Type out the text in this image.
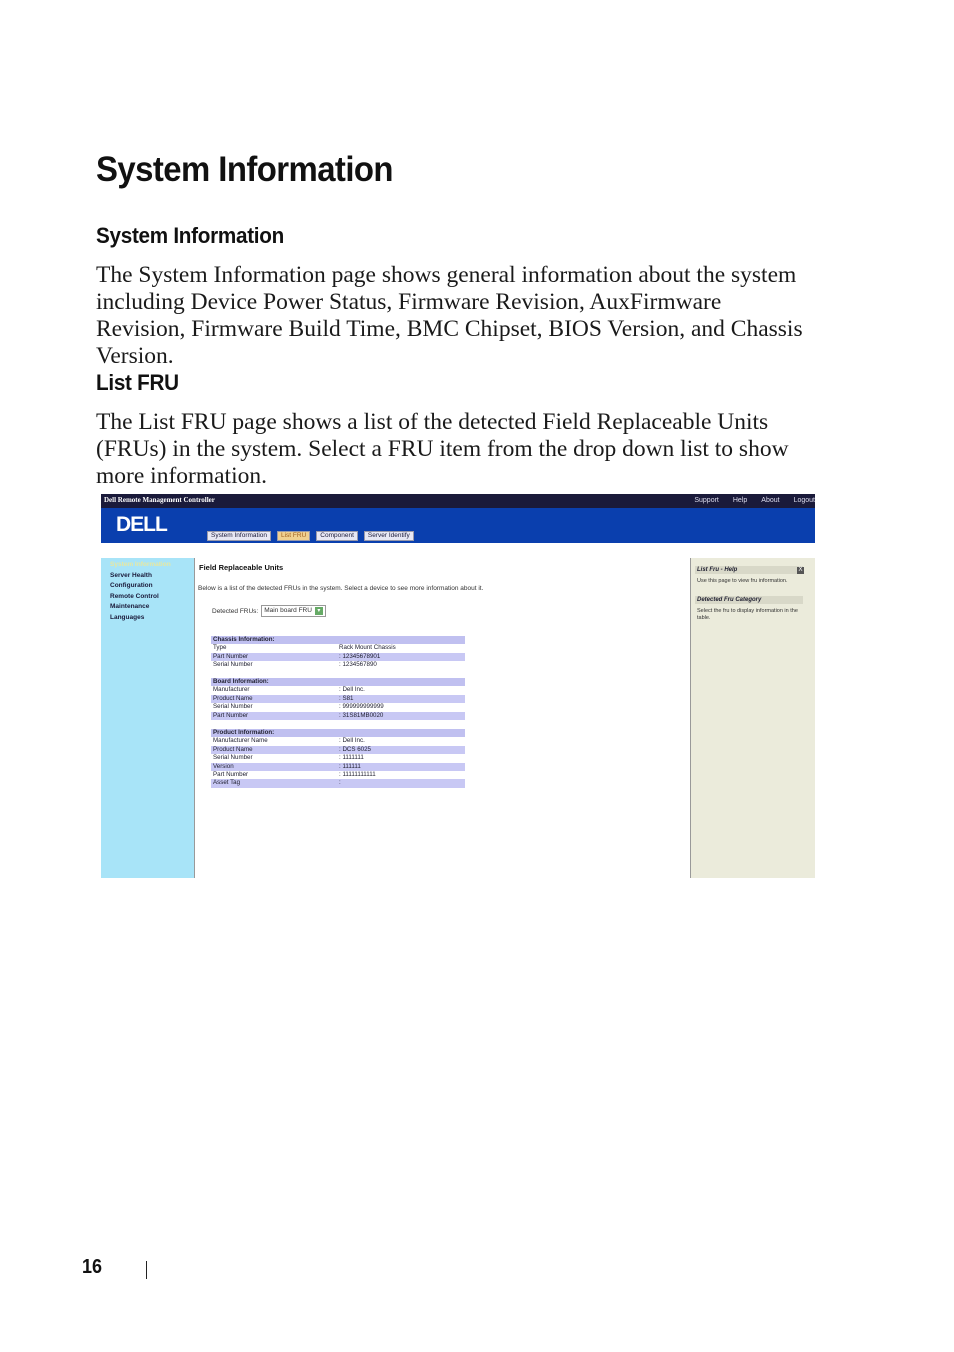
System Information
System Information

The System Information page shows general information about the system including Device Power Status, Firmware Revision, AuxFirmware Revision, Firmware Build Time, BMC Chipset, BIOS Version, and Chassis Version.

List FRU

The List FRU page shows a list of the detected Field Replaceable Units (FRUs) in the system. Select a FRU item from the drop down list to show more information.

Dell Remote Management Controller	Support Help About Logout
DELL	System Information	List FRU	Component	Server Identify
System Information
Server Health
Configuration
Remote Control
Maintenance
Languages
Field Replaceable Units
Below is a list of the detected FRUs in the system. Select a device to see more information about it.
Detected FRUs: Main board FRU ▾
Chassis Information:
Type	Rack Mount Chassis
Part Number	: 12345678901
Serial Number	: 1234567890
Board Information:
Manufacturer	: Dell Inc.
Product Name	: S81
Serial Number	: 999999999999
Part Number	: 31S81MB0020
Product Information:
Manufacturer Name	: Dell Inc.
Product Name	: DCS 6025
Serial Number	: 1111111
Version	: 111111
Part Number	: 11111111111
Asset Tag	:
List Fru - Help	X
Use this page to view fru information.
Detected Fru Category
Select the fru to display information in the table.
16
